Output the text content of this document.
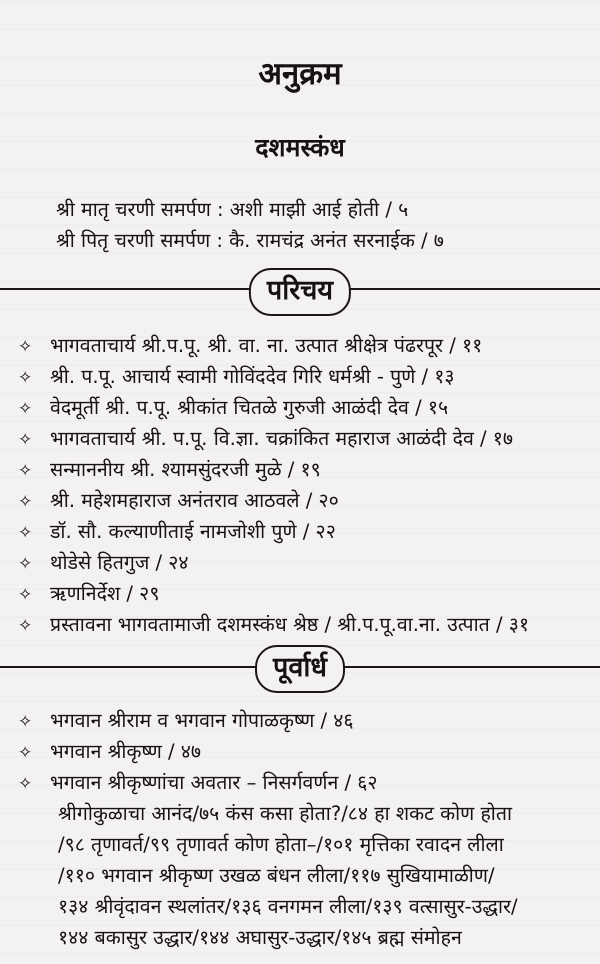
अनुक्रम
दशमस्कंध
श्री मातृ चरणी समर्पण : अशी माझी आई होती / ५
श्री पितृ चरणी समर्पण : कै. रामचंद्र अनंत सरनाईक / ७
परिचय
✧ भागवताचार्य श्री.प.पू. श्री. वा. ना. उत्पात श्रीक्षेत्र पंढरपूर / ११
✧ श्री. प.पू. आचार्य स्वामी गोविंददेव गिरि धर्मश्री - पुणे / १३
✧ वेदमूर्ती श्री. प.पू. श्रीकांत चितळे गुरुजी आळंदी देव / १५
✧ भागवताचार्य श्री. प.पू. वि.ज्ञा. चक्रांकित महाराज आळंदी देव / १७
✧ सन्माननीय श्री. श्यामसुंदरजी मुळे / १९
✧ श्री. महेशमहाराज अनंतराव आठवले / २०
✧ डॉ. सौ. कल्याणीताई नामजोशी पुणे / २२
✧ थोडेसे हितगुज / २४
✧ ऋणनिर्देश / २९
✧ प्रस्तावना भागवतामाजी दशमस्कंध श्रेष्ठ / श्री.प.पू.वा.ना. उत्पात / ३१
पूर्वार्ध
✧ भगवान श्रीराम व भगवान गोपाळकृष्ण / ४६
✧ भगवान श्रीकृष्ण / ४७
✧ भगवान श्रीकृष्णांचा अवतार – निसर्गवर्णन / ६२
श्रीगोकुळाचा आनंद/७५ कंस कसा होता?/८४ हा शकट कोण होता
/९८ तृणावर्त/९९ तृणावर्त कोण होता–/१०१ मृत्तिका रवादन लीला
/११० भगवान श्रीकृष्ण उखळ बंधन लीला/११७ सुखियामाळीण/
१३४ श्रीवृंदावन स्थलांतर/१३६ वनगमन लीला/१३९ वत्सासुर-उद्धार/
१४४ बकासुर उद्धार/१४४ अघासुर-उद्धार/१४५ ब्रह्म संमोहन
